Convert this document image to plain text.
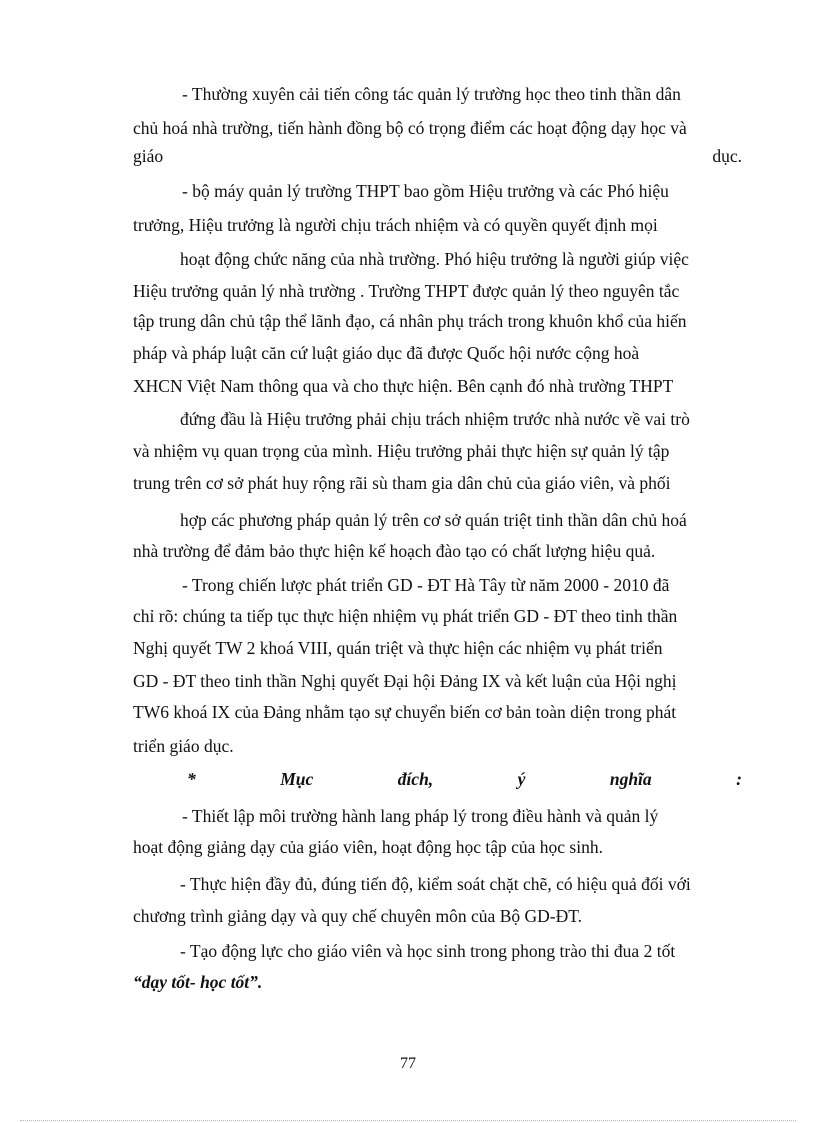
- Thường xuyên cải tiến công tác quản lý trường học theo tinh thần dân
chủ hoá nhà trường, tiến hành đồng bộ có trọng điểm các hoạt động dạy học và
giáo	dục.
- bộ máy quản lý trường THPT bao gồm Hiệu trưởng và các Phó hiệu
trưởng, Hiệu trưởng là người chịu trách nhiệm và có quyền quyết định mọi
hoạt động chức năng của nhà trường. Phó hiệu trưởng là người giúp việc
Hiệu trưởng quản lý nhà trường . Trường THPT được quản lý theo nguyên tắc
tập trung dân chủ tập thể lãnh đạo, cá nhân phụ trách trong khuôn khổ của hiến
pháp và pháp luật căn cứ luật giáo dục đã được Quốc hội nước cộng hoà
XHCN Việt Nam thông qua và cho thực hiện. Bên cạnh đó nhà trường THPT
đứng đầu là Hiệu trưởng phải chịu trách nhiệm trước nhà nước về vai trò
và nhiệm vụ quan trọng của mình. Hiệu trưởng phải thực hiện sự quản lý tập
trung trên cơ sở phát huy rộng rãi sù tham gia dân chủ của giáo viên, và phối
hợp các phương pháp quản lý trên cơ sở quán triệt tinh thần dân chủ hoá
nhà trường để đảm bảo thực hiện kế hoạch đào tạo có chất lượng hiệu quả.
- Trong chiến lược phát triển GD - ĐT Hà Tây từ năm 2000 - 2010 đã
chỉ rõ: chúng ta tiếp tục thực hiện nhiệm vụ phát triển GD - ĐT theo tinh thần
Nghị quyết TW 2 khoá VIII, quán triệt và thực hiện các nhiệm vụ phát triển
GD - ĐT theo tinh thần Nghị quyết Đại hội Đảng IX và kết luận của Hội nghị
TW6 khoá IX của Đảng nhằm tạo sự chuyển biến cơ bản toàn diện trong phát
triển giáo dục.
*	Mục	đích,	ý	nghĩa	:
- Thiết lập môi trường hành lang pháp lý trong điều hành và quản lý
hoạt động giảng dạy của giáo viên, hoạt động học tập của học sinh.
- Thực hiện đầy đủ, đúng tiến độ, kiểm soát chặt chẽ, có hiệu quả đối với
chương trình giảng dạy và quy chế chuyên môn của Bộ GD-ĐT.
- Tạo động lực cho giáo viên và học sinh trong phong trào thi đua 2 tốt
“dạy tốt- học tốt”.
77
